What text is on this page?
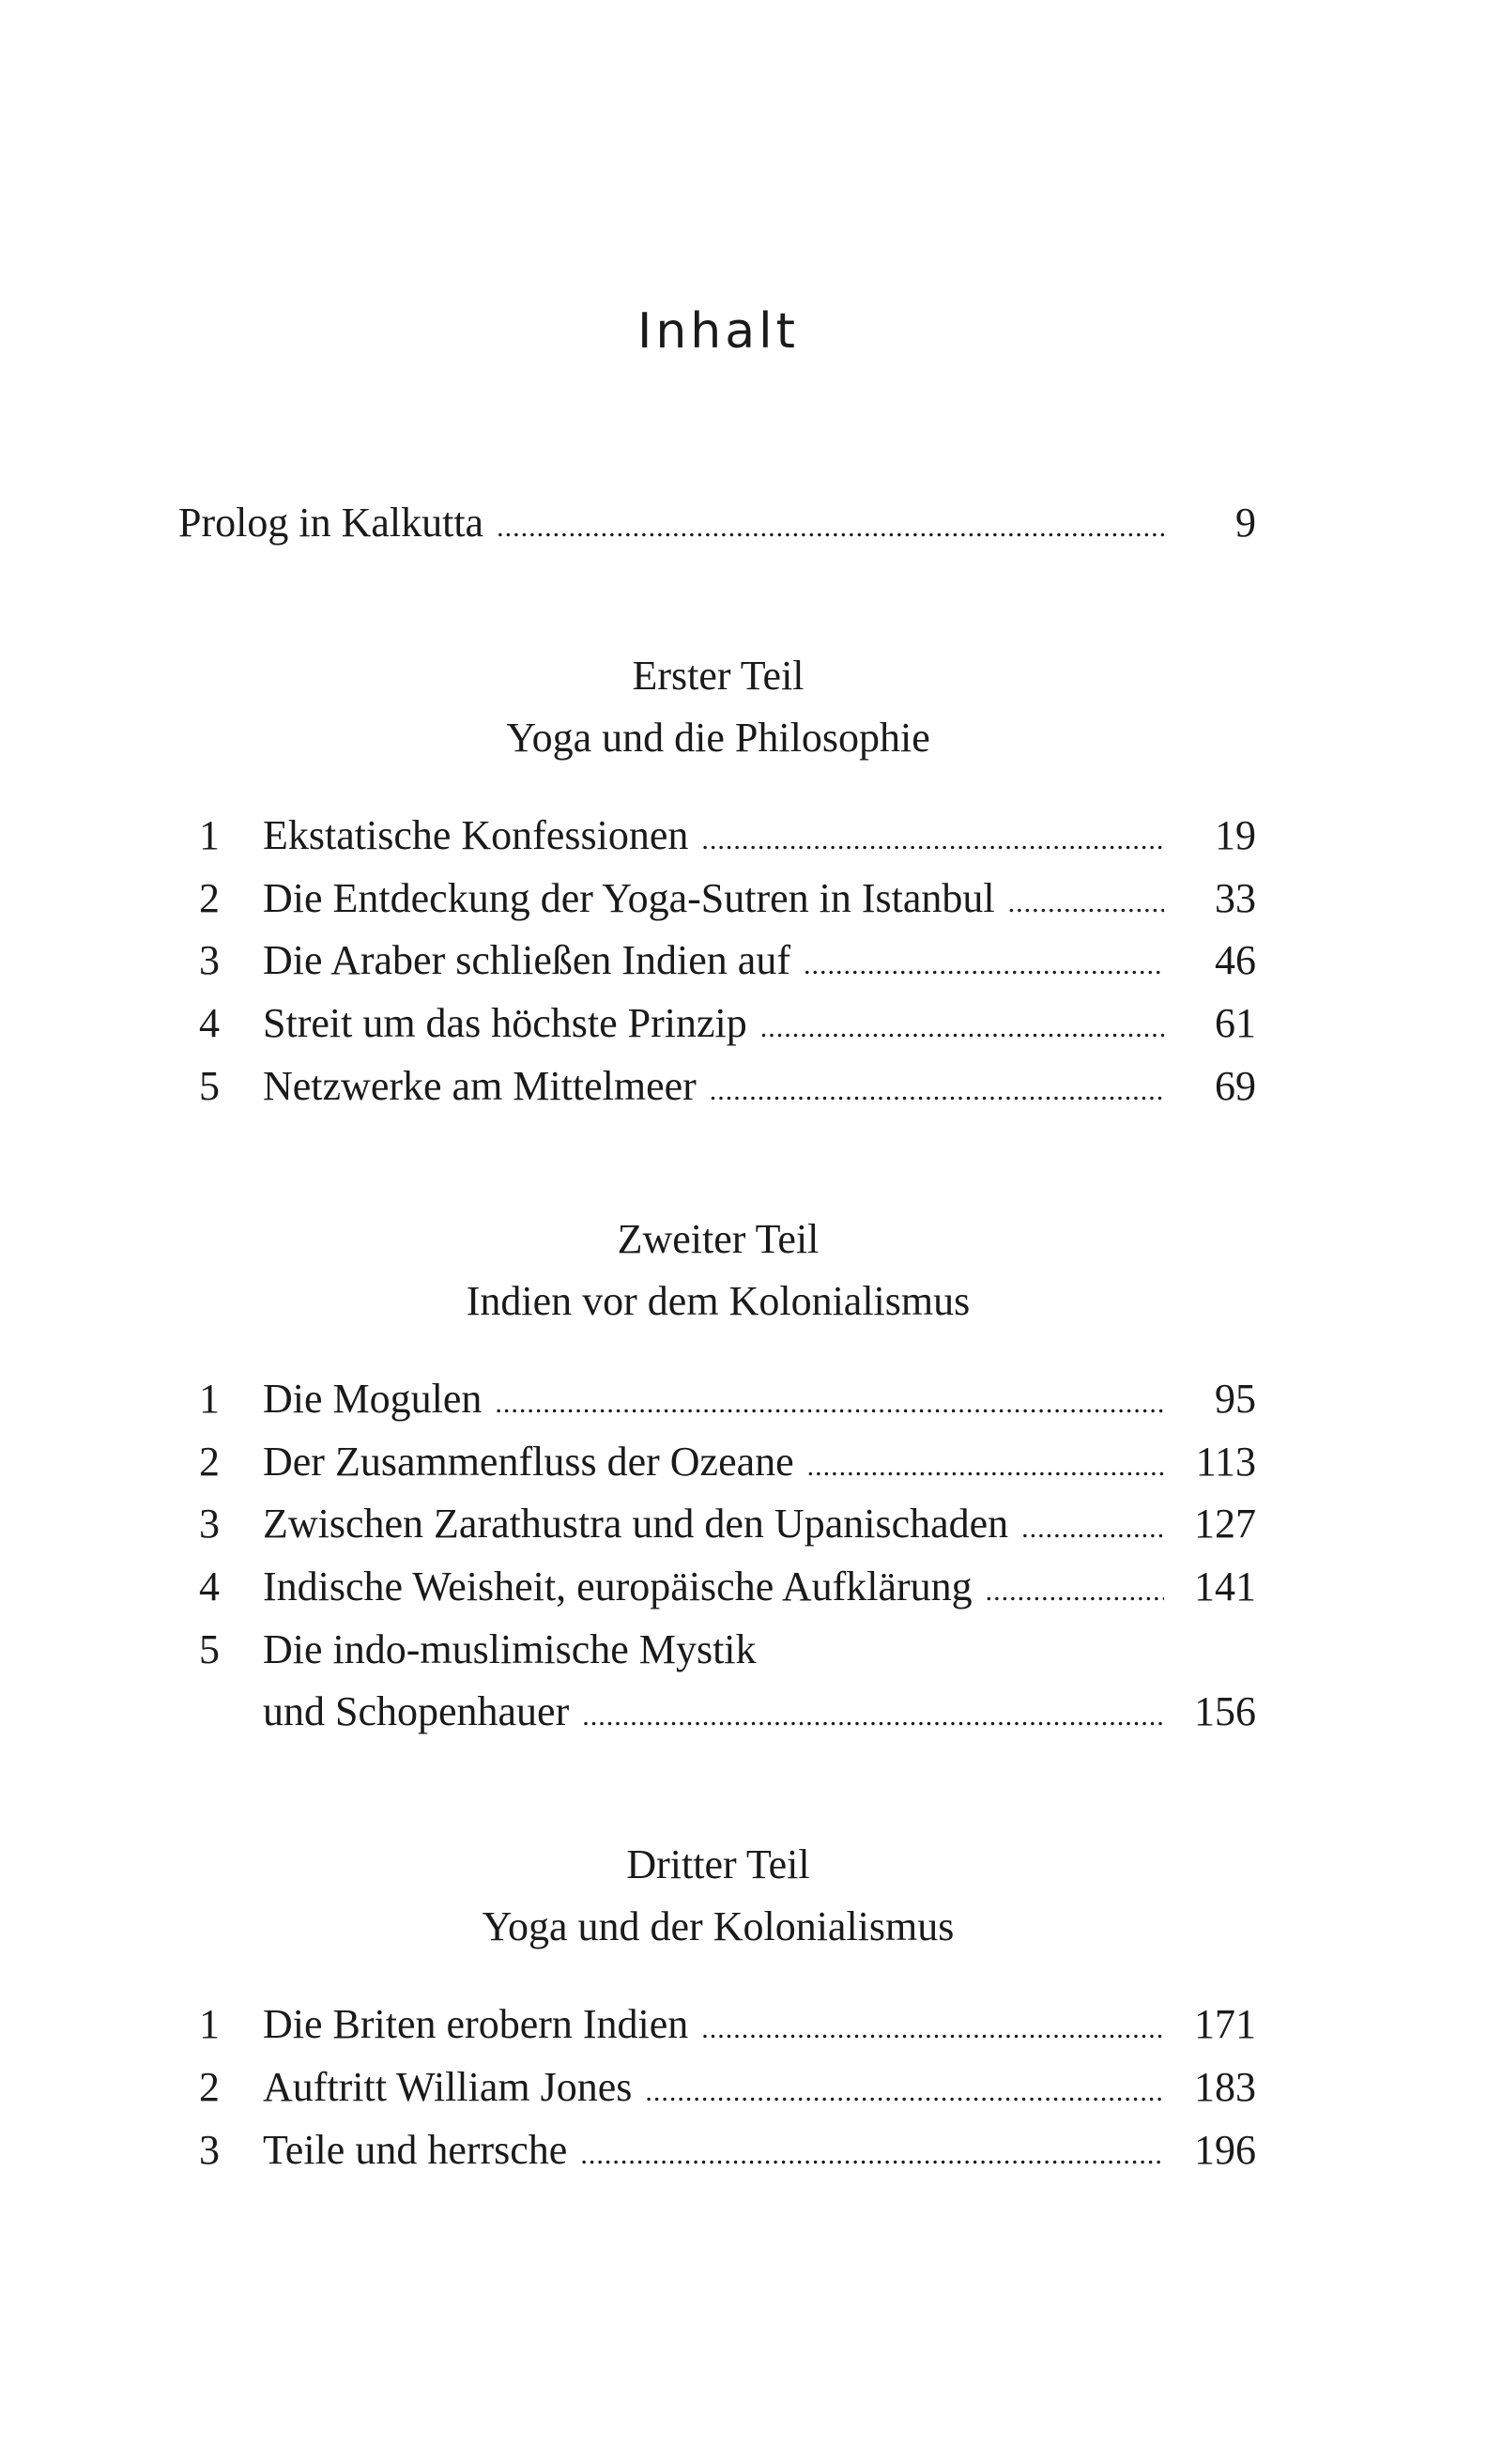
Inhalt
Prolog in Kalkutta .....	9
Erster Teil
Yoga und die Philosophie
1	Ekstatische Konfessionen .....	19
2	Die Entdeckung der Yoga-Sutren in Istanbul .....	33
3	Die Araber schließen Indien auf .....	46
4	Streit um das höchste Prinzip .....	61
5	Netzwerke am Mittelmeer .....	69
Zweiter Teil
Indien vor dem Kolonialismus
1	Die Mogulen .....	95
2	Der Zusammenfluss der Ozeane .....	113
3	Zwischen Zarathustra und den Upanischaden .....	127
4	Indische Weisheit, europäische Aufklärung .....	141
5	Die indo-muslimische Mystik
und Schopenhauer .....	156
Dritter Teil
Yoga und der Kolonialismus
1	Die Briten erobern Indien .....	171
2	Auftritt William Jones .....	183
3	Teile und herrsche .....	196
